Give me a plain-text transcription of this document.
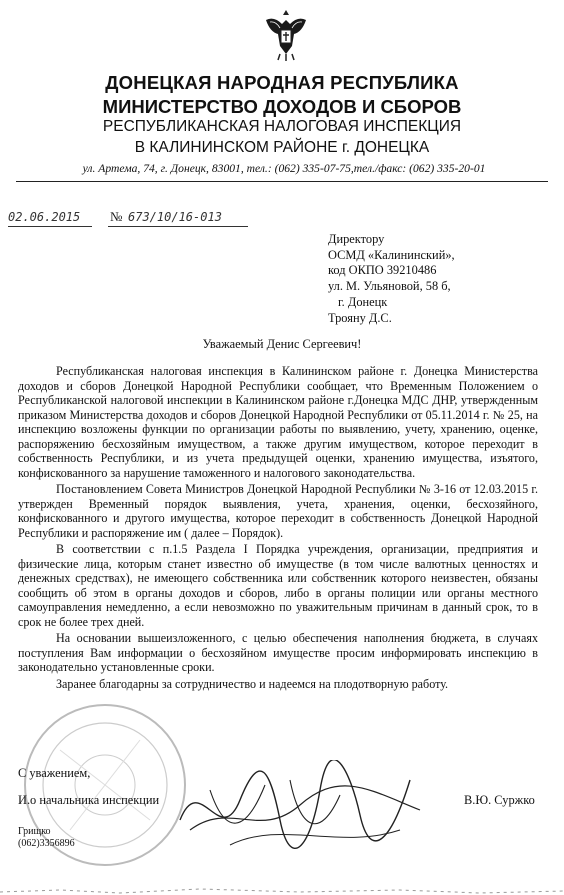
ДОНЕЦКАЯ НАРОДНАЯ РЕСПУБЛИКА
МИНИСТЕРСТВО ДОХОДОВ И СБОРОВ
РЕСПУБЛИКАНСКАЯ НАЛОГОВАЯ ИНСПЕКЦИЯ
В КАЛИНИНСКОМ РАЙОНЕ г. ДОНЕЦКА
ул. Артема, 74, г. Донецк, 83001, тел.: (062) 335-07-75,тел./факс: (062) 335-20-01
02.06.2015 № 673/10/16-013
Директору
ОСМД «Калининский»,
код ОКПО 39210486
ул. М. Ульяновой, 58 б,
г. Донецк
Трояну Д.С.
Уважаемый Денис Сергеевич!

Республиканская налоговая инспекция в Калининском районе г. Донецка Министерства доходов и сборов Донецкой Народной Республики сообщает, что Временным Положением о Республиканской налоговой инспекции в Калининском районе г.Донецка МДС ДНР, утвержденным приказом Министерства доходов и сборов Донецкой Народной Республики от 05.11.2014 г. № 25, на инспекцию возложены функции по организации работы по выявлению, учету, хранению, оценке, распоряжению бесхозяйным имуществом, а также другим имуществом, которое переходит в собственность Республики, и из учета предыдущей оценки, хранению имущества, изъятого, конфискованного за нарушение таможенного и налогового законодательства.

Постановлением Совета Министров Донецкой Народной Республики № 3-16 от 12.03.2015 г. утвержден Временный порядок выявления, учета, хранения, оценки, бесхозяйного, конфискованного и другого имущества, которое переходит в собственность Донецкой Народной Республики и распоряжение им ( далее – Порядок).

В соответствии с п.1.5 Раздела I Порядка учреждения, организации, предприятия и физические лица, которым станет известно об имуществе (в том числе валютных ценностях и денежных средствах), не имеющего собственника или собственник которого неизвестен, обязаны сообщить об этом в органы доходов и сборов, либо в органы полиции или органы местного самоуправления немедленно, а если невозможно по уважительным причинам в данный срок, то в срок не более трех дней.

На основании вышеизложенного, с целью обеспечения наполнения бюджета, в случаях поступления Вам информации о бесхозяйном имуществе просим информировать инспекцию в законодательно установленные сроки.

Заранее благодарны за сотрудничество и надеемся на плодотворную работу.

С уважением,
И.о начальника инспекции	В.Ю. Суржко
Грищко
(062)3356896
